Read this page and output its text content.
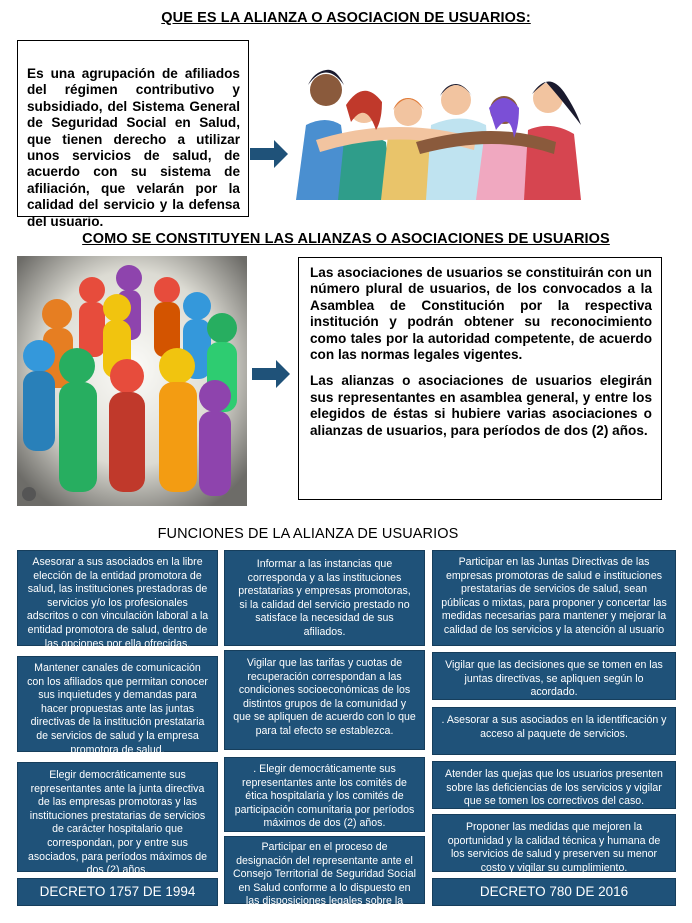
QUE ES LA ALIANZA O ASOCIACION DE USUARIOS:
Es una agrupación de afiliados del régimen contributivo y subsidiado, del Sistema General de Seguridad Social en Salud, que tienen derecho a utilizar unos servicios de salud, de acuerdo con su sistema de afiliación, que velarán por la calidad del servicio y la defensa del usuario.
COMO SE CONSTITUYEN LAS ALIANZAS O ASOCIACIONES DE USUARIOS
Las asociaciones de usuarios se constituirán con un número plural de usuarios, de los convocados a la Asamblea de Constitución por la respectiva institución y podrán obtener su reconocimiento como tales por la autoridad competente, de acuerdo con las normas legales vigentes.
Las alianzas o asociaciones de usuarios elegirán sus representantes en asamblea general, y entre los elegidos de éstas si hubiere varias asociaciones o alianzas de usuarios, para períodos de dos (2) años.
FUNCIONES DE LA ALIANZA DE USUARIOS
Asesorar a sus asociados en la libre elección de la entidad promotora de salud, las instituciones prestadoras de servicios y/o los profesionales adscritos o con vinculación laboral a la entidad promotora de salud, dentro de las opciones por ella ofrecidas.
Mantener canales de comunicación con los afiliados que permitan conocer sus inquietudes y demandas para hacer propuestas ante las juntas directivas de la institución prestataria de servicios de salud y la empresa promotora de salud.
Elegir democráticamente sus representantes ante la junta directiva de las empresas promotoras y las instituciones prestatarias de servicios de carácter hospitalario que correspondan, por y entre sus asociados, para períodos máximos de dos (2) años.
DECRETO 1757 DE 1994
Informar a las instancias que corresponda y a las instituciones prestatarias y empresas promotoras, si la calidad del servicio prestado no satisface la necesidad de sus afiliados.
Vigilar que las tarifas y cuotas de recuperación correspondan a las condiciones socioeconómicas de los distintos grupos de la comunidad y que se apliquen de acuerdo con lo que para tal efecto se establezca.
. Elegir democráticamente sus representantes ante los comités de ética hospitalaria y los comités de participación comunitaria por períodos máximos de dos (2) años.
Participar en el proceso de designación del representante ante el Consejo Territorial de Seguridad Social en Salud conforme a lo dispuesto en las disposiciones legales sobre la materia.
Participar en las Juntas Directivas de las empresas promotoras de salud e instituciones prestatarias de servicios de salud, sean públicas o mixtas, para proponer y concertar las medidas necesarias para mantener y mejorar la calidad de los servicios y la atención al usuario
Vigilar que las decisiones que se tomen en las juntas directivas, se apliquen según lo acordado.
. Asesorar a sus asociados en la identificación y acceso al paquete de servicios.
Atender las quejas que los usuarios presenten sobre las deficiencias de los servicios y vigilar que se tomen los correctivos del caso.
Proponer las medidas que mejoren la oportunidad y la calidad técnica y humana de los servicios de salud y preserven su menor costo y vigilar su cumplimiento.
DECRETO 780 DE 2016
